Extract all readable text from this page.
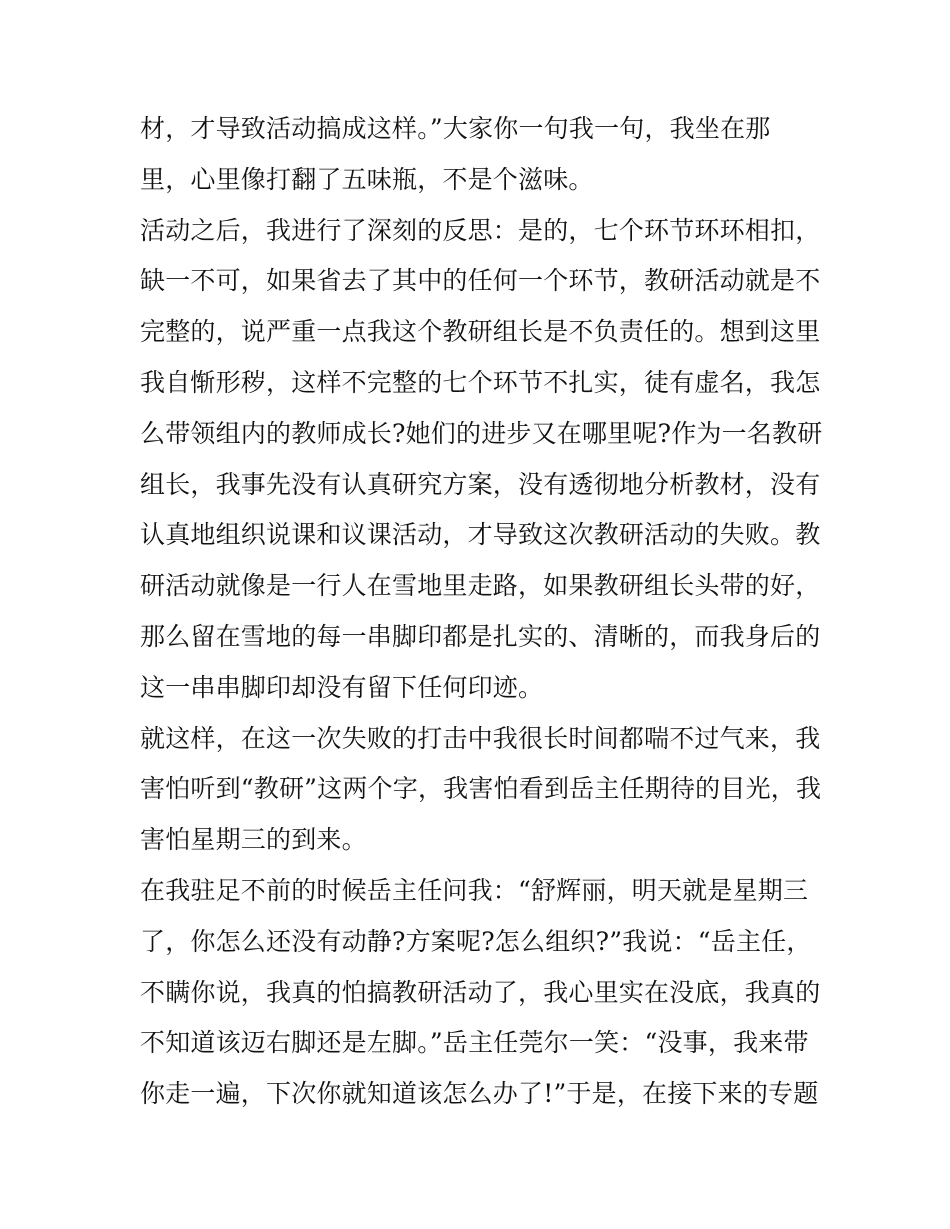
材，才导致活动搞成这样。”大家你一句我一句，我坐在那
里，心里像打翻了五味瓶，不是个滋味。
活动之后，我进行了深刻的反思：是的，七个环节环环相扣，
缺一不可，如果省去了其中的任何一个环节，教研活动就是不
完整的，说严重一点我这个教研组长是不负责任的。想到这里
我自惭形秽，这样不完整的七个环节不扎实，徒有虚名，我怎
么带领组内的教师成长?她们的进步又在哪里呢?作为一名教研
组长，我事先没有认真研究方案，没有透彻地分析教材，没有
认真地组织说课和议课活动，才导致这次教研活动的失败。教
研活动就像是一行人在雪地里走路，如果教研组长头带的好，
那么留在雪地的每一串脚印都是扎实的、清晰的，而我身后的
这一串串脚印却没有留下任何印迹。
就这样，在这一次失败的打击中我很长时间都喘不过气来，我
害怕听到“教研”这两个字，我害怕看到岳主任期待的目光，我
害怕星期三的到来。
在我驻足不前的时候岳主任问我：“舒辉丽，明天就是星期三
了，你怎么还没有动静?方案呢?怎么组织?”我说：“岳主任，
不瞒你说，我真的怕搞教研活动了，我心里实在没底，我真的
不知道该迈右脚还是左脚。”岳主任莞尔一笑：“没事，我来带
你走一遍，下次你就知道该怎么办了!”于是，在接下来的专题
